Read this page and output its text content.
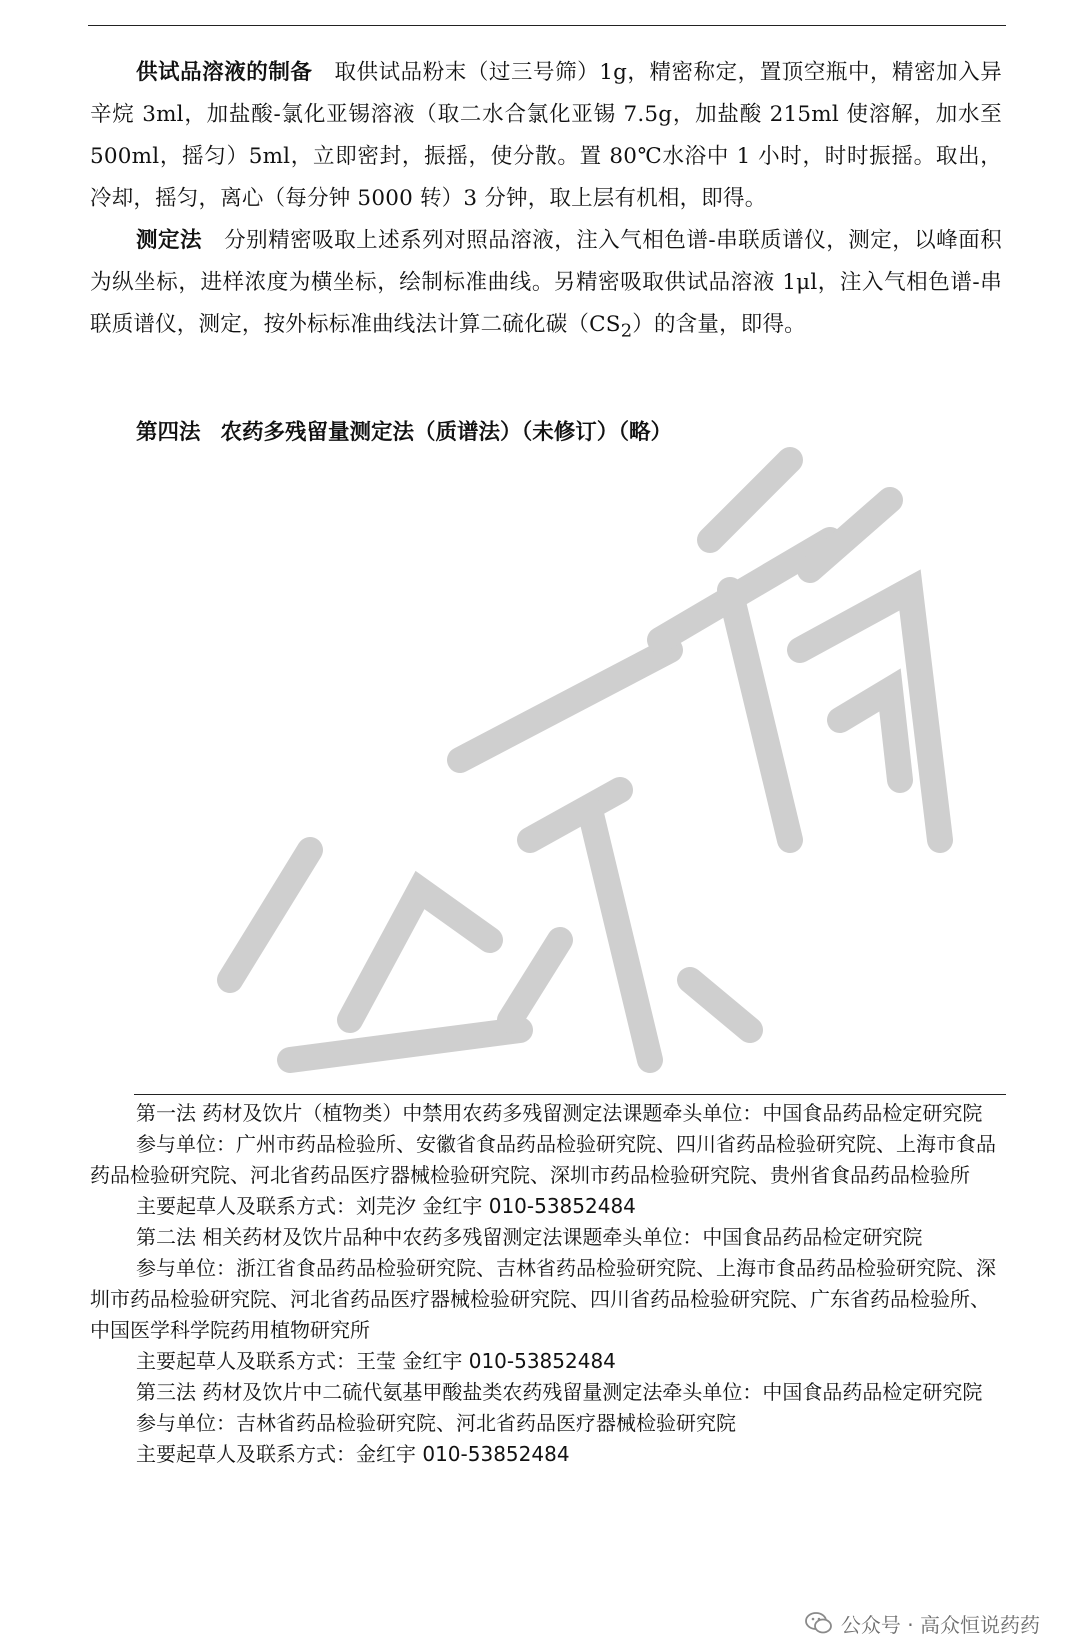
供试品溶液的制备　 取供试品粉末（过三号筛）1g，精密称定，置顶空瓶中，精密加入异辛烷 3ml，加盐酸-氯化亚锡溶液（取二水合氯化亚锡 7.5g，加盐酸 215ml 使溶解，加水至 500ml，摇匀）5ml，立即密封，振摇，使分散。置 80℃水浴中 1 小时，时时振摇。取出，冷却，摇匀，离心（每分钟 5000 转）3 分钟，取上层有机相，即得。

测定法　 分别精密吸取上述系列对照品溶液，注入气相色谱-串联质谱仪，测定，以峰面积为纵坐标，进样浓度为横坐标，绘制标准曲线。另精密吸取供试品溶液 1μl，注入气相色谱-串联质谱仪，测定，按外标标准曲线法计算二硫化碳$(CS_2)$的含量，即得。

第四法 农药多残留量测定法（质谱法）（未修订）（略）

第一法 药材及饮片（植物类）中禁用农药多残留测定法课题牵头单位：中国食品药品检定研究院

参与单位：广州市药品检验所、安徽省食品药品检验研究院、四川省药品检验研究院、上海市食品药品检验研究院、河北省药品医疗器械检验研究院、深圳市药品检验研究院、贵州省食品药品检验所

主要起草人及联系方式：刘芫汐 金红宇 010-53852484

第二法 相关药材及饮片品种中农药多残留测定法课题牵头单位：中国食品药品检定研究院

参与单位：浙江省食品药品检验研究院、吉林省药品检验研究院、上海市食品药品检验研究院、深圳市药品检验研究院、河北省药品医疗器械检验研究院、四川省药品检验研究院、广东省药品检验所、中国医学科学院药用植物研究所

主要起草人及联系方式：王莹 金红宇 010-53852484

第三法 药材及饮片中二硫代氨基甲酸盐类农药残留量测定法牵头单位：中国食品药品检定研究院

参与单位：吉林省药品检验研究院、河北省药品医疗器械检验研究院

主要起草人及联系方式：金红宇 010-53852484

公众号 · 高众恒说药药
